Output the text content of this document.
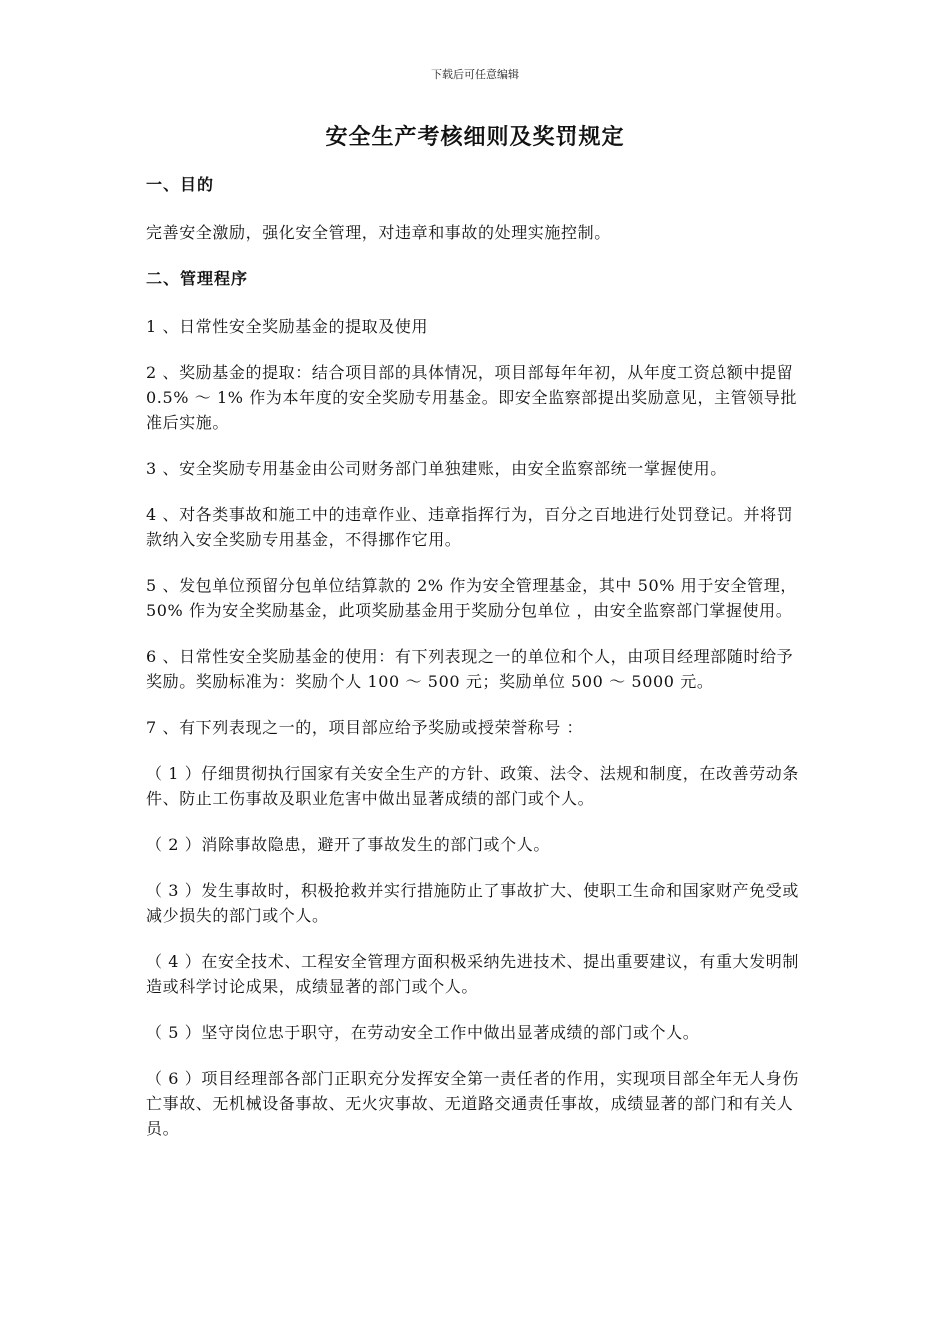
下载后可任意编辑
安全生产考核细则及奖罚规定
一、目的
完善安全激励，强化安全管理，对违章和事故的处理实施控制。
二、管理程序
1 、日常性安全奖励基金的提取及使用
2 、奖励基金的提取：结合项目部的具体情况，项目部每年年初，从年度工资总额中提留 0.5% ～ 1% 作为本年度的安全奖励专用基金。即安全监察部提出奖励意见，主管领导批准后实施。
3 、安全奖励专用基金由公司财务部门单独建账，由安全监察部统一掌握使用。
4 、对各类事故和施工中的违章作业、违章指挥行为，百分之百地进行处罚登记。并将罚款纳入安全奖励专用基金，不得挪作它用。
5 、发包单位预留分包单位结算款的 2% 作为安全管理基金，其中 50% 用于安全管理， 50% 作为安全奖励基金，此项奖励基金用于奖励分包单位 ，由安全监察部门掌握使用。
6 、日常性安全奖励基金的使用：有下列表现之一的单位和个人，由项目经理部随时给予奖励。奖励标准为：奖励个人 100 ～ 500 元；奖励单位 500 ～ 5000 元。
7 、有下列表现之一的，项目部应给予奖励或授荣誉称号 ：
（ 1 ）仔细贯彻执行国家有关安全生产的方针、政策、法令、法规和制度，在改善劳动条件、防止工伤事故及职业危害中做出显著成绩的部门或个人。
（ 2 ）消除事故隐患，避开了事故发生的部门或个人。
（ 3 ）发生事故时，积极抢救并实行措施防止了事故扩大、使职工生命和国家财产免受或减少损失的部门或个人。
（ 4 ）在安全技术、工程安全管理方面积极采纳先进技术、提出重要建议，有重大发明制造或科学讨论成果，成绩显著的部门或个人。
（ 5 ）坚守岗位忠于职守，在劳动安全工作中做出显著成绩的部门或个人。
（ 6 ）项目经理部各部门正职充分发挥安全第一责任者的作用，实现项目部全年无人身伤亡事故、无机械设备事故、无火灾事故、无道路交通责任事故，成绩显著的部门和有关人员。
